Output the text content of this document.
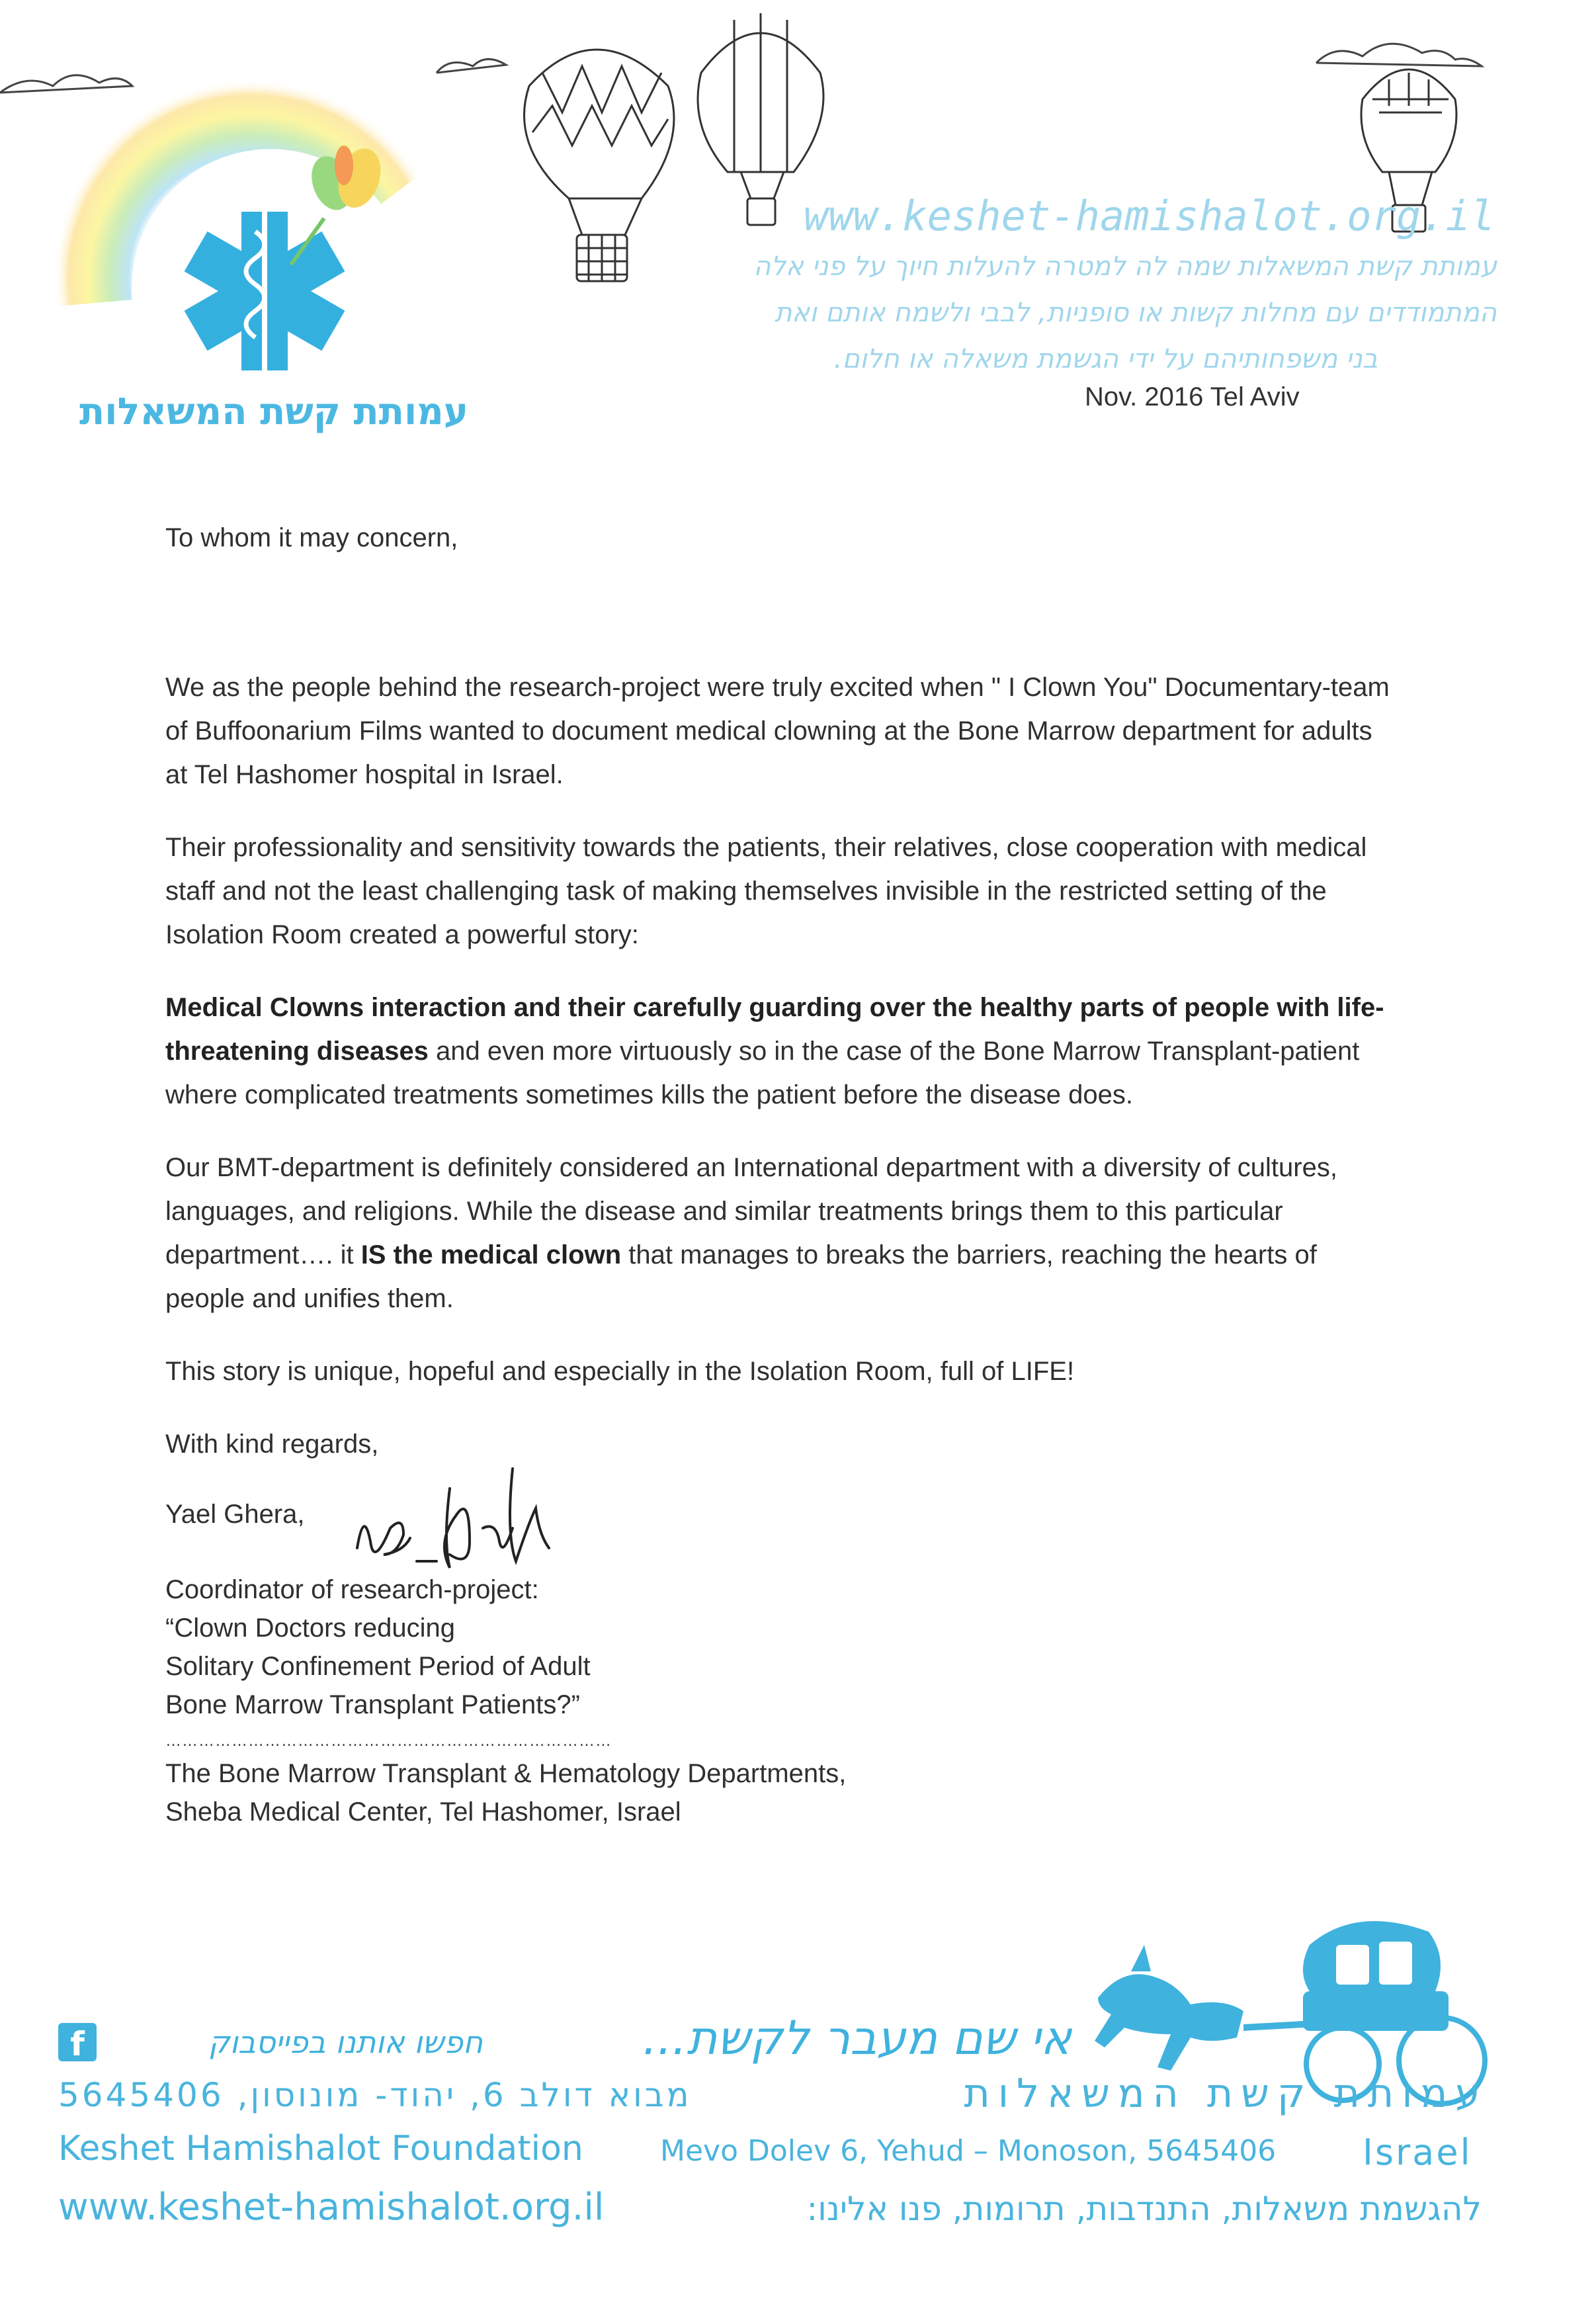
www.keshet-hamishalot.org.il
עמותת קשת המשאלות שמה לה למטרה להעלות חיוך על פני אלה
המתמודדים עם מחלות קשות או סופניות, לבבי ולשמח אותם ואת
בני משפחותיהם על ידי הגשמת משאלה או חלום.
עמותת קשת המשאלות	Nov. 2016 Tel Aviv

To whom it may concern,

We as the people behind the research-project were truly excited when " I Clown You" Documentary-team of Buffoonarium Films wanted to document medical clowning at the Bone Marrow department for adults at Tel Hashomer hospital in Israel.

Their professionality and sensitivity towards the patients, their relatives, close cooperation with medical staff and not the least challenging task of making themselves invisible in the restricted setting of the Isolation Room created a powerful story:

Medical Clowns interaction and their carefully guarding over the healthy parts of people with life-threatening diseases and even more virtuously so in the case of the Bone Marrow Transplant-patient where complicated treatments sometimes kills the patient before the disease does.

Our BMT-department is definitely considered an International department with a diversity of cultures, languages, and religions. While the disease and similar treatments brings them to this particular department…. it IS the medical clown that manages to breaks the barriers, reaching the hearts of people and unifies them.

This story is unique, hopeful and especially in the Isolation Room, full of LIFE!

With kind regards,

Yael Ghera,

Coordinator of research-project:
“Clown Doctors reducing
Solitary Confinement Period of Adult
Bone Marrow Transplant Patients?”
………………………………………………………………………
The Bone Marrow Transplant & Hematology Departments,
Sheba Medical Center, Tel Hashomer, Israel
f	חפשו אותנו בפייסבוק	אי שם מעבר לקשת...
עמותת קשת המשאלות
מבוא דולב 6, יהוד- מונוסון, 5645406
Keshet Hamishalot Foundation	Mevo Dolev 6, Yehud – Monoson, 5645406 Israel
www.keshet-hamishalot.org.il	להגשמת משאלות, התנדבות, תרומות, פנו אלינו:
